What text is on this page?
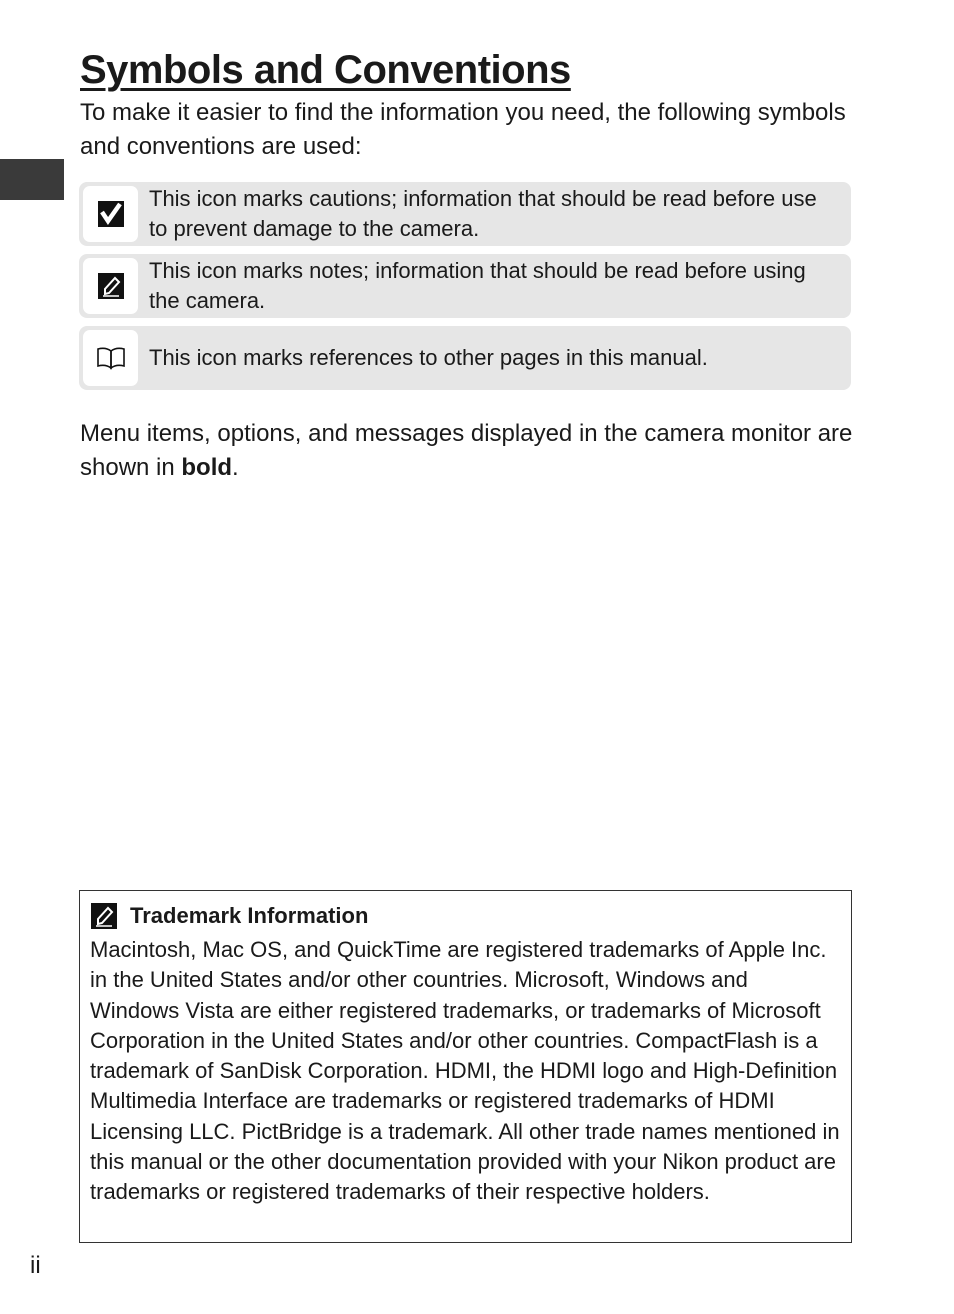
Symbols and Conventions

To make it easier to find the information you need, the following symbols and conventions are used:

This icon marks cautions; information that should be read before use to prevent damage to the camera.
This icon marks notes; information that should be read before using the camera.
This icon marks references to other pages in this manual.

Menu items, options, and messages displayed in the camera monitor are shown in bold.

Trademark Information

Macintosh, Mac OS, and QuickTime are registered trademarks of Apple Inc. in the United States and/or other countries. Microsoft, Windows and Windows Vista are either registered trademarks, or trademarks of Microsoft Corporation in the United States and/or other countries. CompactFlash is a trademark of SanDisk Corporation. HDMI, the HDMI logo and High-Definition Multimedia Interface are trademarks or registered trademarks of HDMI Licensing LLC. PictBridge is a trademark. All other trade names mentioned in this manual or the other documentation provided with your Nikon product are trademarks or registered trademarks of their respective holders.

ii
